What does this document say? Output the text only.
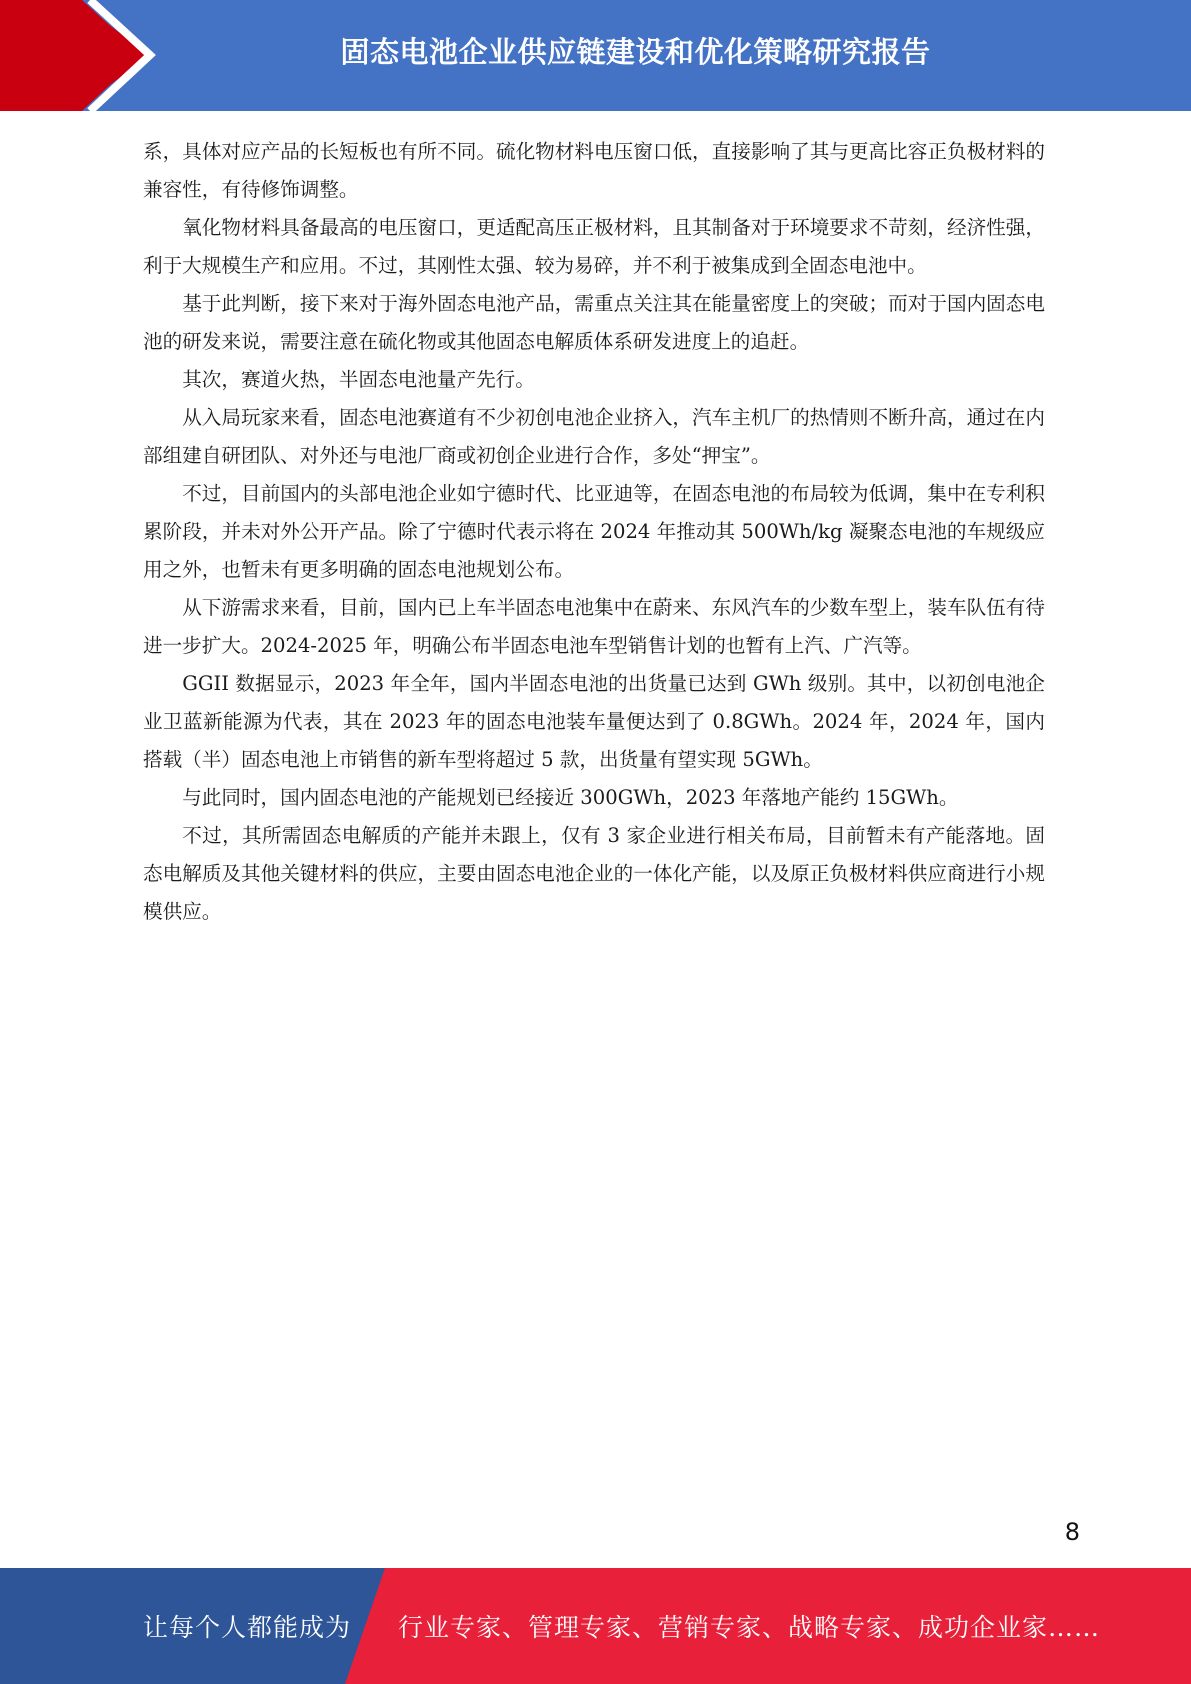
固态电池企业供应链建设和优化策略研究报告

系，具体对应产品的长短板也有所不同。硫化物材料电压窗口低，直接影响了其与更高比容正负极材料的兼容性，有待修饰调整。

氧化物材料具备最高的电压窗口，更适配高压正极材料，且其制备对于环境要求不苛刻，经济性强，利于大规模生产和应用。不过，其刚性太强、较为易碎，并不利于被集成到全固态电池中。

基于此判断，接下来对于海外固态电池产品，需重点关注其在能量密度上的突破；而对于国内固态电池的研发来说，需要注意在硫化物或其他固态电解质体系研发进度上的追赶。

其次，赛道火热，半固态电池量产先行。

从入局玩家来看，固态电池赛道有不少初创电池企业挤入，汽车主机厂的热情则不断升高，通过在内部组建自研团队、对外还与电池厂商或初创企业进行合作，多处“押宝”。

不过，目前国内的头部电池企业如宁德时代、比亚迪等，在固态电池的布局较为低调，集中在专利积累阶段，并未对外公开产品。除了宁德时代表示将在 2024 年推动其 500Wh/kg 凝聚态电池的车规级应用之外，也暂未有更多明确的固态电池规划公布。

从下游需求来看，目前，国内已上车半固态电池集中在蔚来、东风汽车的少数车型上，装车队伍有待进一步扩大。2024-2025 年，明确公布半固态电池车型销售计划的也暂有上汽、广汽等。

GGII 数据显示，2023 年全年，国内半固态电池的出货量已达到 GWh 级别。其中，以初创电池企业卫蓝新能源为代表，其在 2023 年的固态电池装车量便达到了 0.8GWh。2024 年，2024 年，国内搭载（半）固态电池上市销售的新车型将超过 5 款，出货量有望实现 5GWh。

与此同时，国内固态电池的产能规划已经接近 300GWh，2023 年落地产能约 15GWh。

不过，其所需固态电解质的产能并未跟上，仅有 3 家企业进行相关布局，目前暂未有产能落地。固态电解质及其他关键材料的供应，主要由固态电池企业的一体化产能，以及原正负极材料供应商进行小规模供应。

8
让每个人都能成为 行业专家、管理专家、营销专家、战略专家、成功企业家……
